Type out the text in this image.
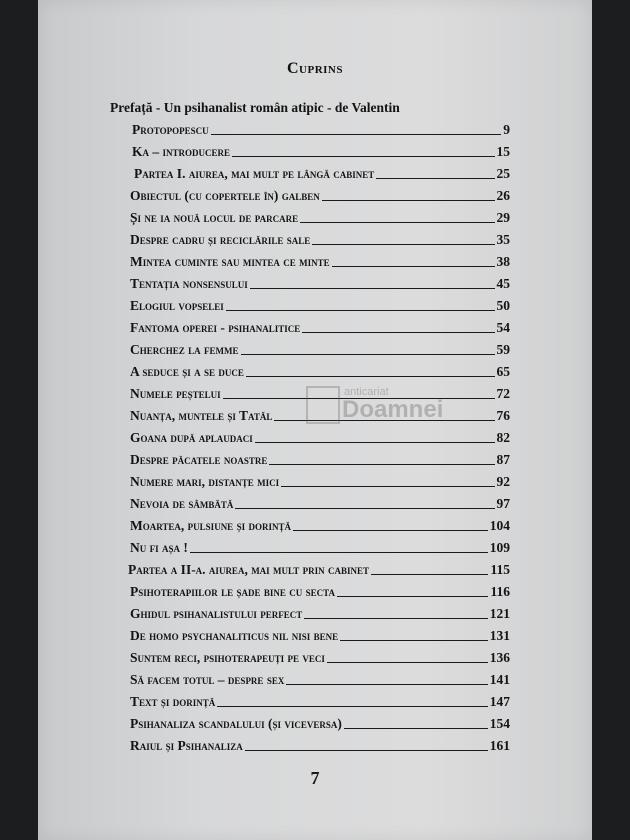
Cuprins
Prefață - Un psihanalist român atipic - de Valentin
Protopopescu	9
Ka – introducere	15
Partea I. aiurea, mai mult pe lângă cabinet	25
Obiectul (cu copertele în) galben	26
Și ne ia nouă locul de parcare	29
Despre cadru și reciclările sale	35
Mintea cuminte sau mintea ce minte	38
Tentația nonsensului	45
Elogiul vopselei	50
Fantoma operei - psihanalitice	54
Cherchez la femme	59
A seduce și a se duce	65
Numele peștelui	72
Nuanța, muntele și Tatăl	76
Goana după aplaudaci	82
Despre păcatele noastre	87
Numere mari, distanțe mici	92
Nevoia de sâmbătă	97
Moartea, pulsiune și dorință	104
Nu fi așa !	109
Partea a II-a. aiurea, mai mult prin cabinet	115
Psihoterapiilor le șade bine cu secta	116
Ghidul psihanalistului perfect	121
De homo psychanaliticus nil nisi bene	131
Suntem reci, psihoterapeuți pe veci	136
Să facem totul – despre sex	141
Text și dorință	147
Psihanaliza scandalului (și viceversa)	154
Raiul și Psihanaliza	161
anticariat
Doamnei
7
